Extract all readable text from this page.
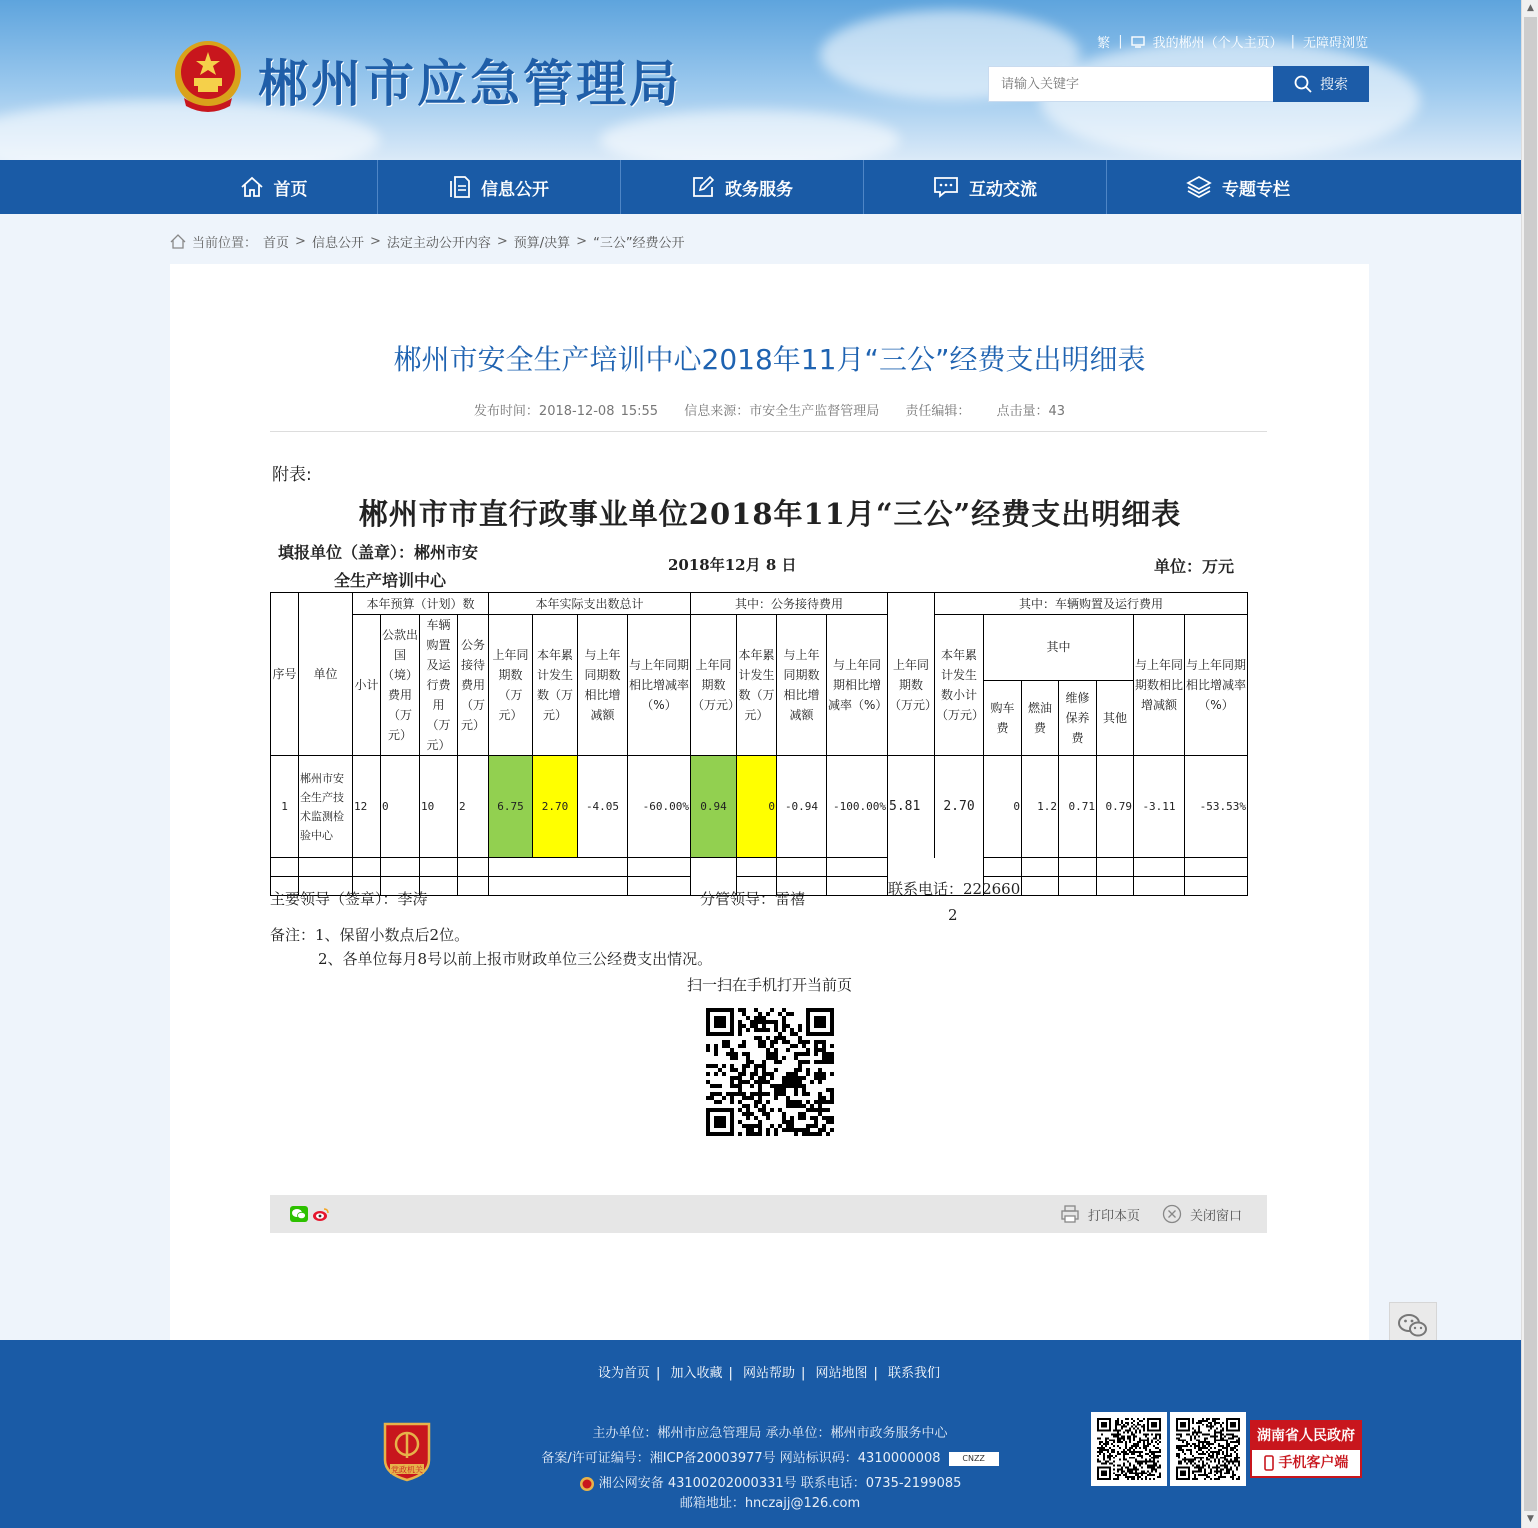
郴州市应急管理局
繁 | 我的郴州（个人主页） | 无障碍浏览
请输入关键字
搜索
首页	信息公开	政务服务	互动交流	专题专栏
当前位置： 首页 > 信息公开 > 法定主动公开内容 > 预算/决算 > “三公”经费公开
郴州市安全生产培训中心2018年11月“三公”经费支出明细表
发布时间：2018-12-08 15:55 信息来源：市安全生产监督管理局 责任编辑： 点击量：43
附表:
郴州市市直行政事业单位2018年11月“三公”经费支出明细表
填报单位（盖章）：郴州市安
全生产培训中心
2018年12月 8 日	单位：万元
序号	单位	本年预算（计划）数				本年实际支出数总计				其中：公务接待费用					其中：车辆购置及运行费用						
		小计	公款出国（境）费用（万元）	车辆购置及运行费用（万元）	公务接待费用（万元）	上年同期数（万元）	本年累计发生数（万元）	与上年同期数相比增减额	与上年同期相比增减率（%）	上年同期数（万元）	本年累计发生数（万元）	与上年同期数相比增减额	与上年同期相比增减率（%）	上年同期数（万元）	本年累计发生数小计（万元）	其中				与上年同期数相比增减额	与上年同期相比增减率（%）
																购车费	燃油费	维修保养费	其他		
1	郴州市安全生产技术监测检验中心	12	0	10	2	6.75	2.70	-4.05	-60.00%	0.94	0	-0.94	-100.00%	5.81	2.70	0	1.2	0.71	0.79	-3.11	-53.53%

主要领导（签章）：李涛	分管领导：雷禧
联系电话：222660
2
备注：1、保留小数点后2位。
2、各单位每月8号以前上报市财政单位三公经费支出情况。
扫一扫在手机打开当前页
打印本页	关闭窗口
设为首页 | 加入收藏 | 网站帮助 | 网站地图 | 联系我们
党政机关
主办单位：郴州市应急管理局 承办单位：郴州市政务服务中心
备案/许可证编号：湘ICP备20003977号 网站标识码：4310000008	CNZZ
湘公网安备 43100202000331号 联系电话：0735-2199085
邮箱地址：hnczajj@126.com
湖南省人民政府
手机客户端
▲
▼
